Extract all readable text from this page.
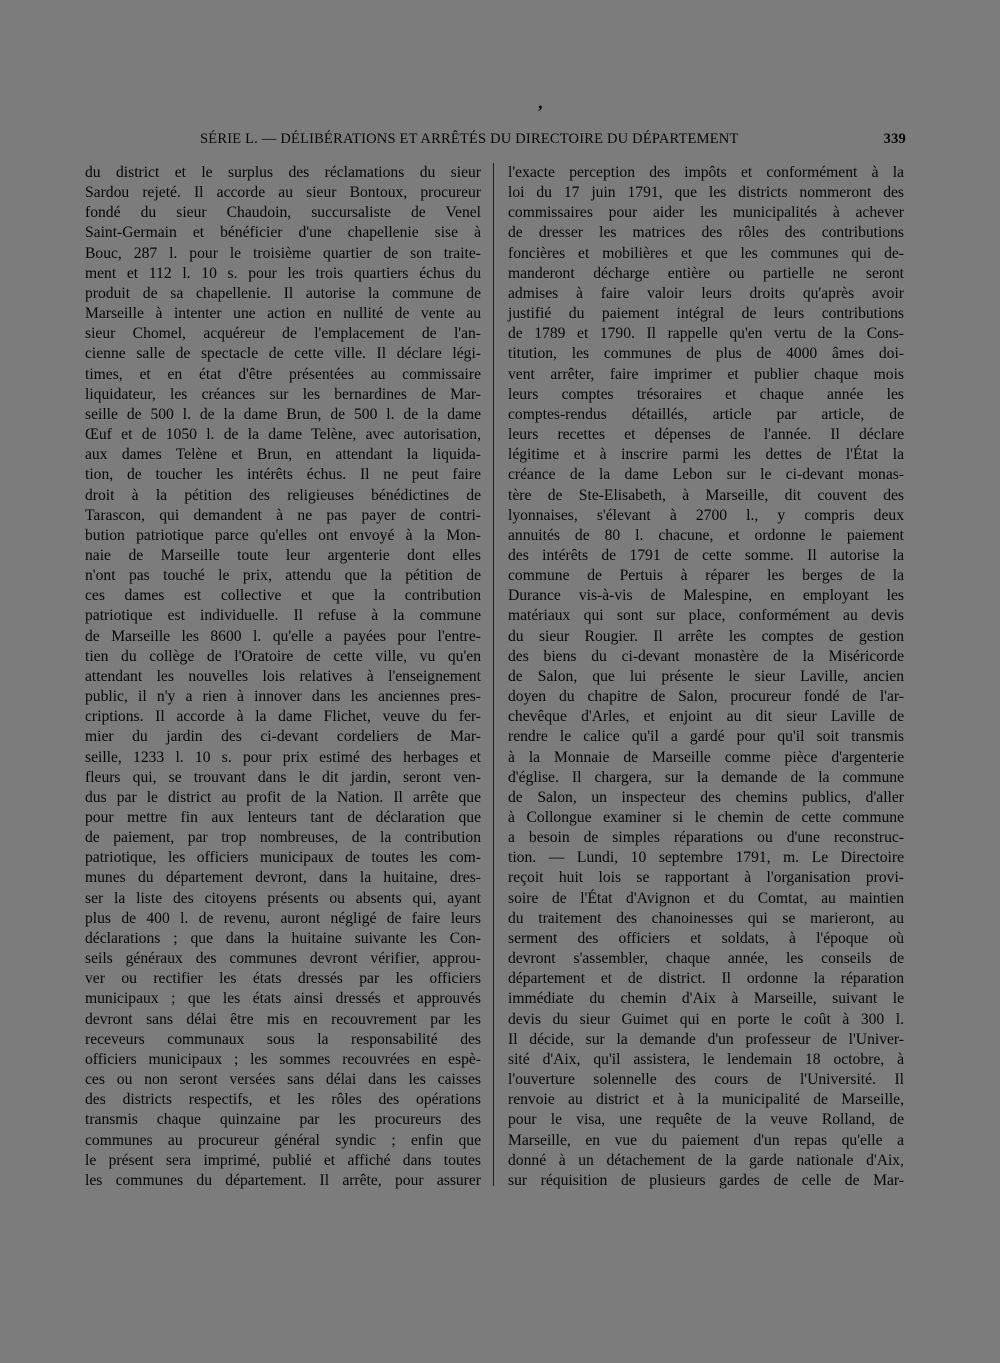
,
SÉRIE L. — DÉLIBÉRATIONS ET ARRÊTÉS DU DIRECTOIRE DU DÉPARTEMENT	339
du district et le surplus des réclamations du sieur
Sardou rejeté. Il accorde au sieur Bontoux, procureur
fondé du sieur Chaudoin, succursaliste de Venel
Saint-Germain et bénéficier d'une chapellenie sise à
Bouc, 287 l. pour le troisième quartier de son traite-
ment et 112 l. 10 s. pour les trois quartiers échus du
produit de sa chapellenie. Il autorise la commune de
Marseille à intenter une action en nullité de vente au
sieur Chomel, acquéreur de l'emplacement de l'an-
cienne salle de spectacle de cette ville. Il déclare légi-
times, et en état d'être présentées au commissaire
liquidateur, les créances sur les bernardines de Mar-
seille de 500 l. de la dame Brun, de 500 l. de la dame
Œuf et de 1050 l. de la dame Telène, avec autorisation,
aux dames Telène et Brun, en attendant la liquida-
tion, de toucher les intérêts échus. Il ne peut faire
droit à la pétition des religieuses bénédictines de
Tarascon, qui demandent à ne pas payer de contri-
bution patriotique parce qu'elles ont envoyé à la Mon-
naie de Marseille toute leur argenterie dont elles
n'ont pas touché le prix, attendu que la pétition de
ces dames est collective et que la contribution
patriotique est individuelle. Il refuse à la commune
de Marseille les 8600 l. qu'elle a payées pour l'entre-
tien du collège de l'Oratoire de cette ville, vu qu'en
attendant les nouvelles lois relatives à l'enseignement
public, il n'y a rien à innover dans les anciennes pres-
criptions. Il accorde à la dame Flichet, veuve du fer-
mier du jardin des ci-devant cordeliers de Mar-
seille, 1233 l. 10 s. pour prix estimé des herbages et
fleurs qui, se trouvant dans le dit jardin, seront ven-
dus par le district au profit de la Nation. Il arrête que
pour mettre fin aux lenteurs tant de déclaration que
de paiement, par trop nombreuses, de la contribution
patriotique, les officiers municipaux de toutes les com-
munes du département devront, dans la huitaine, dres-
ser la liste des citoyens présents ou absents qui, ayant
plus de 400 l. de revenu, auront négligé de faire leurs
déclarations ; que dans la huitaine suivante les Con-
seils généraux des communes devront vérifier, approu-
ver ou rectifier les états dressés par les officiers
municipaux ; que les états ainsi dressés et approuvés
devront sans délai être mis en recouvrement par les
receveurs communaux sous la responsabilité des
officiers municipaux ; les sommes recouvrées en espè-
ces ou non seront versées sans délai dans les caisses
des districts respectifs, et les rôles des opérations
transmis chaque quinzaine par les procureurs des
communes au procureur général syndic ; enfin que
le présent sera imprimé, publié et affiché dans toutes
les communes du département. Il arrête, pour assurer
l'exacte perception des impôts et conformément à la
loi du 17 juin 1791, que les districts nommeront des
commissaires pour aider les municipalités à achever
de dresser les matrices des rôles des contributions
foncières et mobilières et que les communes qui de-
manderont décharge entière ou partielle ne seront
admises à faire valoir leurs droits qu'après avoir
justifié du paiement intégral de leurs contributions
de 1789 et 1790. Il rappelle qu'en vertu de la Cons-
titution, les communes de plus de 4000 âmes doi-
vent arrêter, faire imprimer et publier chaque mois
leurs comptes trésoraires et chaque année les
comptes-rendus détaillés, article par article, de
leurs recettes et dépenses de l'année. Il déclare
légitime et à inscrire parmi les dettes de l'État la
créance de la dame Lebon sur le ci-devant monas-
tère de Ste-Elisabeth, à Marseille, dit couvent des
lyonnaises, s'élevant à 2700 l., y compris deux
annuités de 80 l. chacune, et ordonne le paiement
des intérêts de 1791 de cette somme. Il autorise la
commune de Pertuis à réparer les berges de la
Durance vis-à-vis de Malespine, en employant les
matériaux qui sont sur place, conformément au devis
du sieur Rougier. Il arrête les comptes de gestion
des biens du ci-devant monastère de la Miséricorde
de Salon, que lui présente le sieur Laville, ancien
doyen du chapitre de Salon, procureur fondé de l'ar-
chevêque d'Arles, et enjoint au dit sieur Laville de
rendre le calice qu'il a gardé pour qu'il soit transmis
à la Monnaie de Marseille comme pièce d'argenterie
d'église. Il chargera, sur la demande de la commune
de Salon, un inspecteur des chemins publics, d'aller
à Collongue examiner si le chemin de cette commune
a besoin de simples réparations ou d'une reconstruc-
tion. — Lundi, 10 septembre 1791, m. Le Directoire
reçoit huit lois se rapportant à l'organisation provi-
soire de l'État d'Avignon et du Comtat, au maintien
du traitement des chanoinesses qui se marieront, au
serment des officiers et soldats, à l'époque où
devront s'assembler, chaque année, les conseils de
département et de district. Il ordonne la réparation
immédiate du chemin d'Aix à Marseille, suivant le
devis du sieur Guimet qui en porte le coût à 300 l.
Il décide, sur la demande d'un professeur de l'Univer-
sité d'Aix, qu'il assistera, le lendemain 18 octobre, à
l'ouverture solennelle des cours de l'Université. Il
renvoie au district et à la municipalité de Marseille,
pour le visa, une requête de la veuve Rolland, de
Marseille, en vue du paiement d'un repas qu'elle a
donné à un détachement de la garde nationale d'Aix,
sur réquisition de plusieurs gardes de celle de Mar-
